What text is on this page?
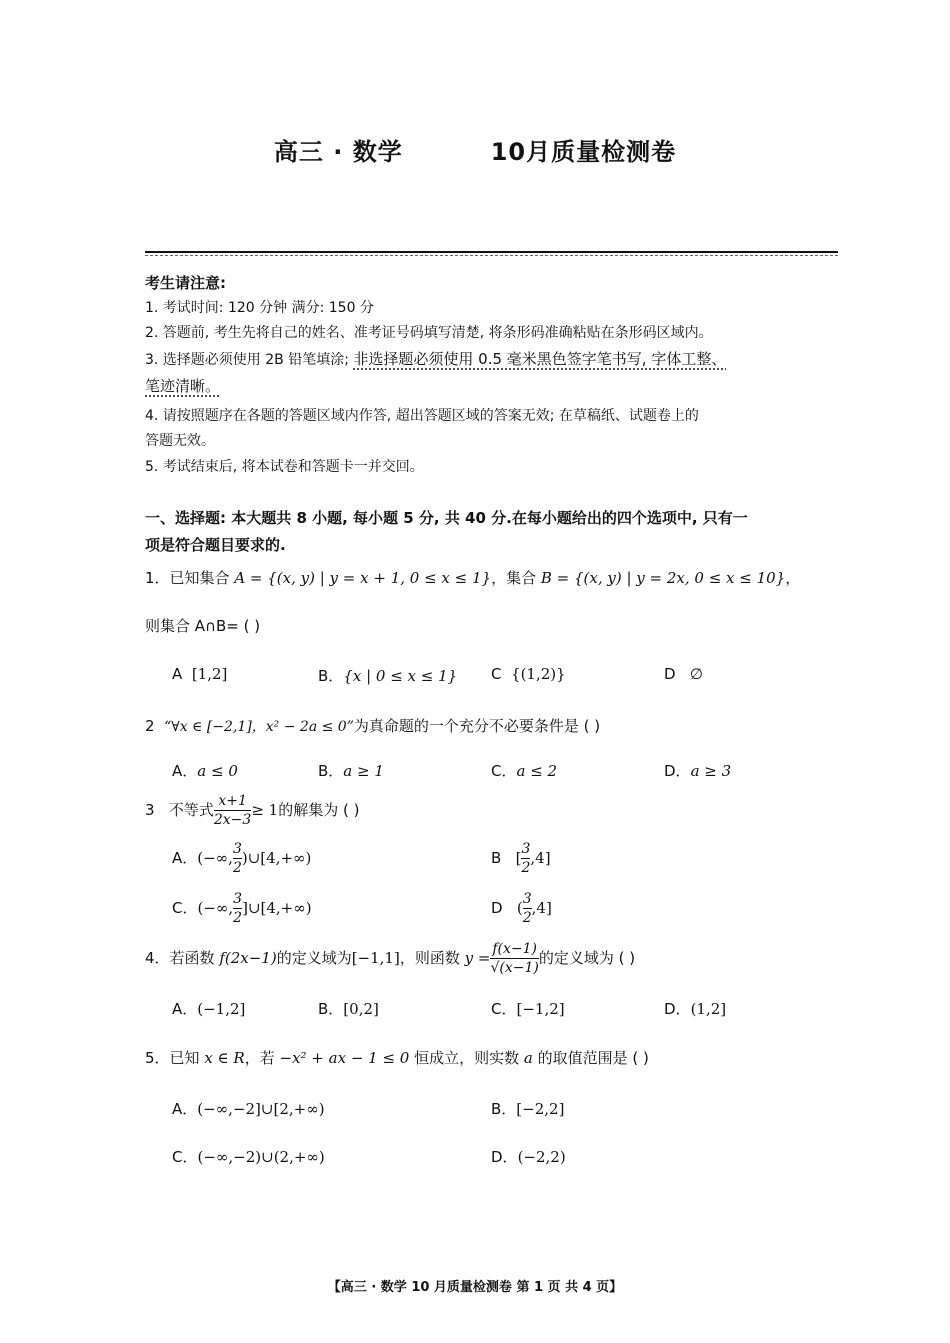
高三 · 数学	10月质量检测卷
考生请注意:
1. 考试时间: 120 分钟 满分: 150 分
2. 答题前, 考生先将自己的姓名、准考证号码填写清楚, 将条形码准确粘贴在条形码区域内。
3. 选择题必须使用 2B 铅笔填涂; 非选择题必须使用 0.5 毫米黑色签字笔书写, 字体工整、
笔迹清晰。
4. 请按照题序在各题的答题区域内作答, 超出答题区域的答案无效; 在草稿纸、试题卷上的
答题无效。
5. 考试结束后, 将本试卷和答题卡一并交回。
一、选择题: 本大题共 8 小题, 每小题 5 分, 共 40 分.在每小题给出的四个选项中, 只有一
项是符合题目要求的.
1．已知集合 A = {(x, y) | y = x + 1, 0 ≤ x ≤ 1}，集合 B = {(x, y) | y = 2x, 0 ≤ x ≤ 10}，
则集合 A∩B= ( )
A [1,2]	B．{x | 0 ≤ x ≤ 1} C {(1,2)}	D ∅
2 “∀x ∈ [−2,1]，x² − 2a ≤ 0”为真命题的一个充分不必要条件是 ( )
A．a ≤ 0	B．a ≥ 1	C．a ≤ 2	D．a ≥ 3
3 不等式 $\frac{x+1}{2x-3} \ge 1$的解集为 ( )
A．(−∞, $\frac{3}{2}$ )∪[4,+∞)	B [ $\frac{3}{2} ,4$]
C．(−∞, $\frac{3}{2}$ ]∪[4,+∞)	D ( $\frac{3}{2} ,4$]
4．若函数 f(2x−1)的定义域为[−1,1]，则函数 $y = \frac{f(x-1)}{√(x-1)}$ 的定义域为 ( )
A．(−1,2]	B．[0,2]	C．[−1,2]	D．(1,2]
5．已知 x ∈ R，若 −x² + ax − 1 ≤ 0 恒成立，则实数 a 的取值范围是 ( )
A．(−∞,−2]∪[2,+∞)	B．[−2,2]
C．(−∞,−2)∪(2,+∞)	D．(−2,2)
【高三 · 数学 10 月质量检测卷 第 1 页 共 4 页】
